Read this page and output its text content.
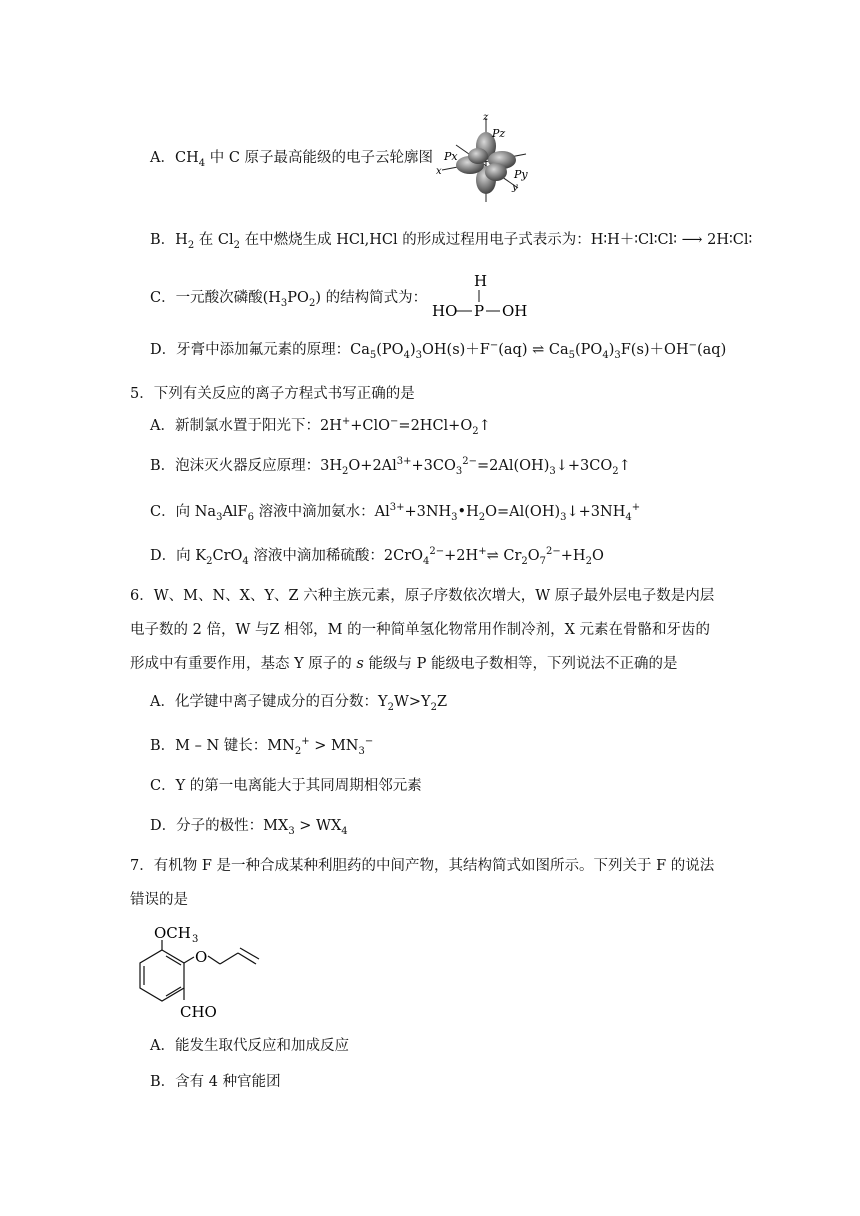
A．$CH_4$ 中 C 原子最高能级的电子云轮廓图
z
Pz
Px
x	Py
y
B．$H_2$ 在 $Cl_2$ 在中燃烧生成 HCl,HCl 的形成过程用电子式表示为：H∶H＋∶Cl∶Cl∶ ⟶ 2H∶Cl∶
C．一元酸次磷酸$(H_3PO_2)$ 的结构简式为：
H
HO P OH
D．牙膏中添加氟元素的原理：$Ca_5(PO_4)_3OH(s)+F^-(aq)$ ⇌ $Ca_5(PO_4)_3F(s)+OH^-(aq)$
5．下列有关反应的离子方程式书写正确的是
A．新制氯水置于阳光下：$2H^++ClO^-=2HCl+O_2↑$
B．泡沫灭火器反应原理：$3H_2O+2Al^{3+}+3CO_3^{2-}=2Al(OH)_3↓+3CO_2↑$
C．向 $Na_3AlF_6$ 溶液中滴加氨水：$Al^{3+}+3NH_3•H_2O=Al(OH)_3↓+3NH_4^+$
D．向 $K_2CrO_4$ 溶液中滴加稀硫酸：2CrO$_4^{2-}$+2H+⇌ $Cr_2O_7^{2-}+H_2O$
6．W、M、N、X、Y、Z 六种主族元素，原子序数依次增大，W 原子最外层电子数是内层
电子数的 2 倍，W 与Z 相邻，M 的一种简单氢化物常用作制冷剂，X 元素在骨骼和牙齿的
形成中有重要作用，基态 Y 原子的 s 能级与 P 能级电子数相等，下列说法不正确的是
A．化学键中离子键成分的百分数：$Y_2W>Y_2Z$
B．M – N 键长：$MN_2^+ > MN_3^-$
C．Y 的第一电离能大于其同周期相邻元素
D．分子的极性：$MX_3 > WX_4$
7．有机物 F 是一种合成某种利胆药的中间产物，其结构简式如图所示。下列关于 F 的说法
错误的是
OCH 3
O
CHO
A．能发生取代反应和加成反应
B．含有 4 种官能团
